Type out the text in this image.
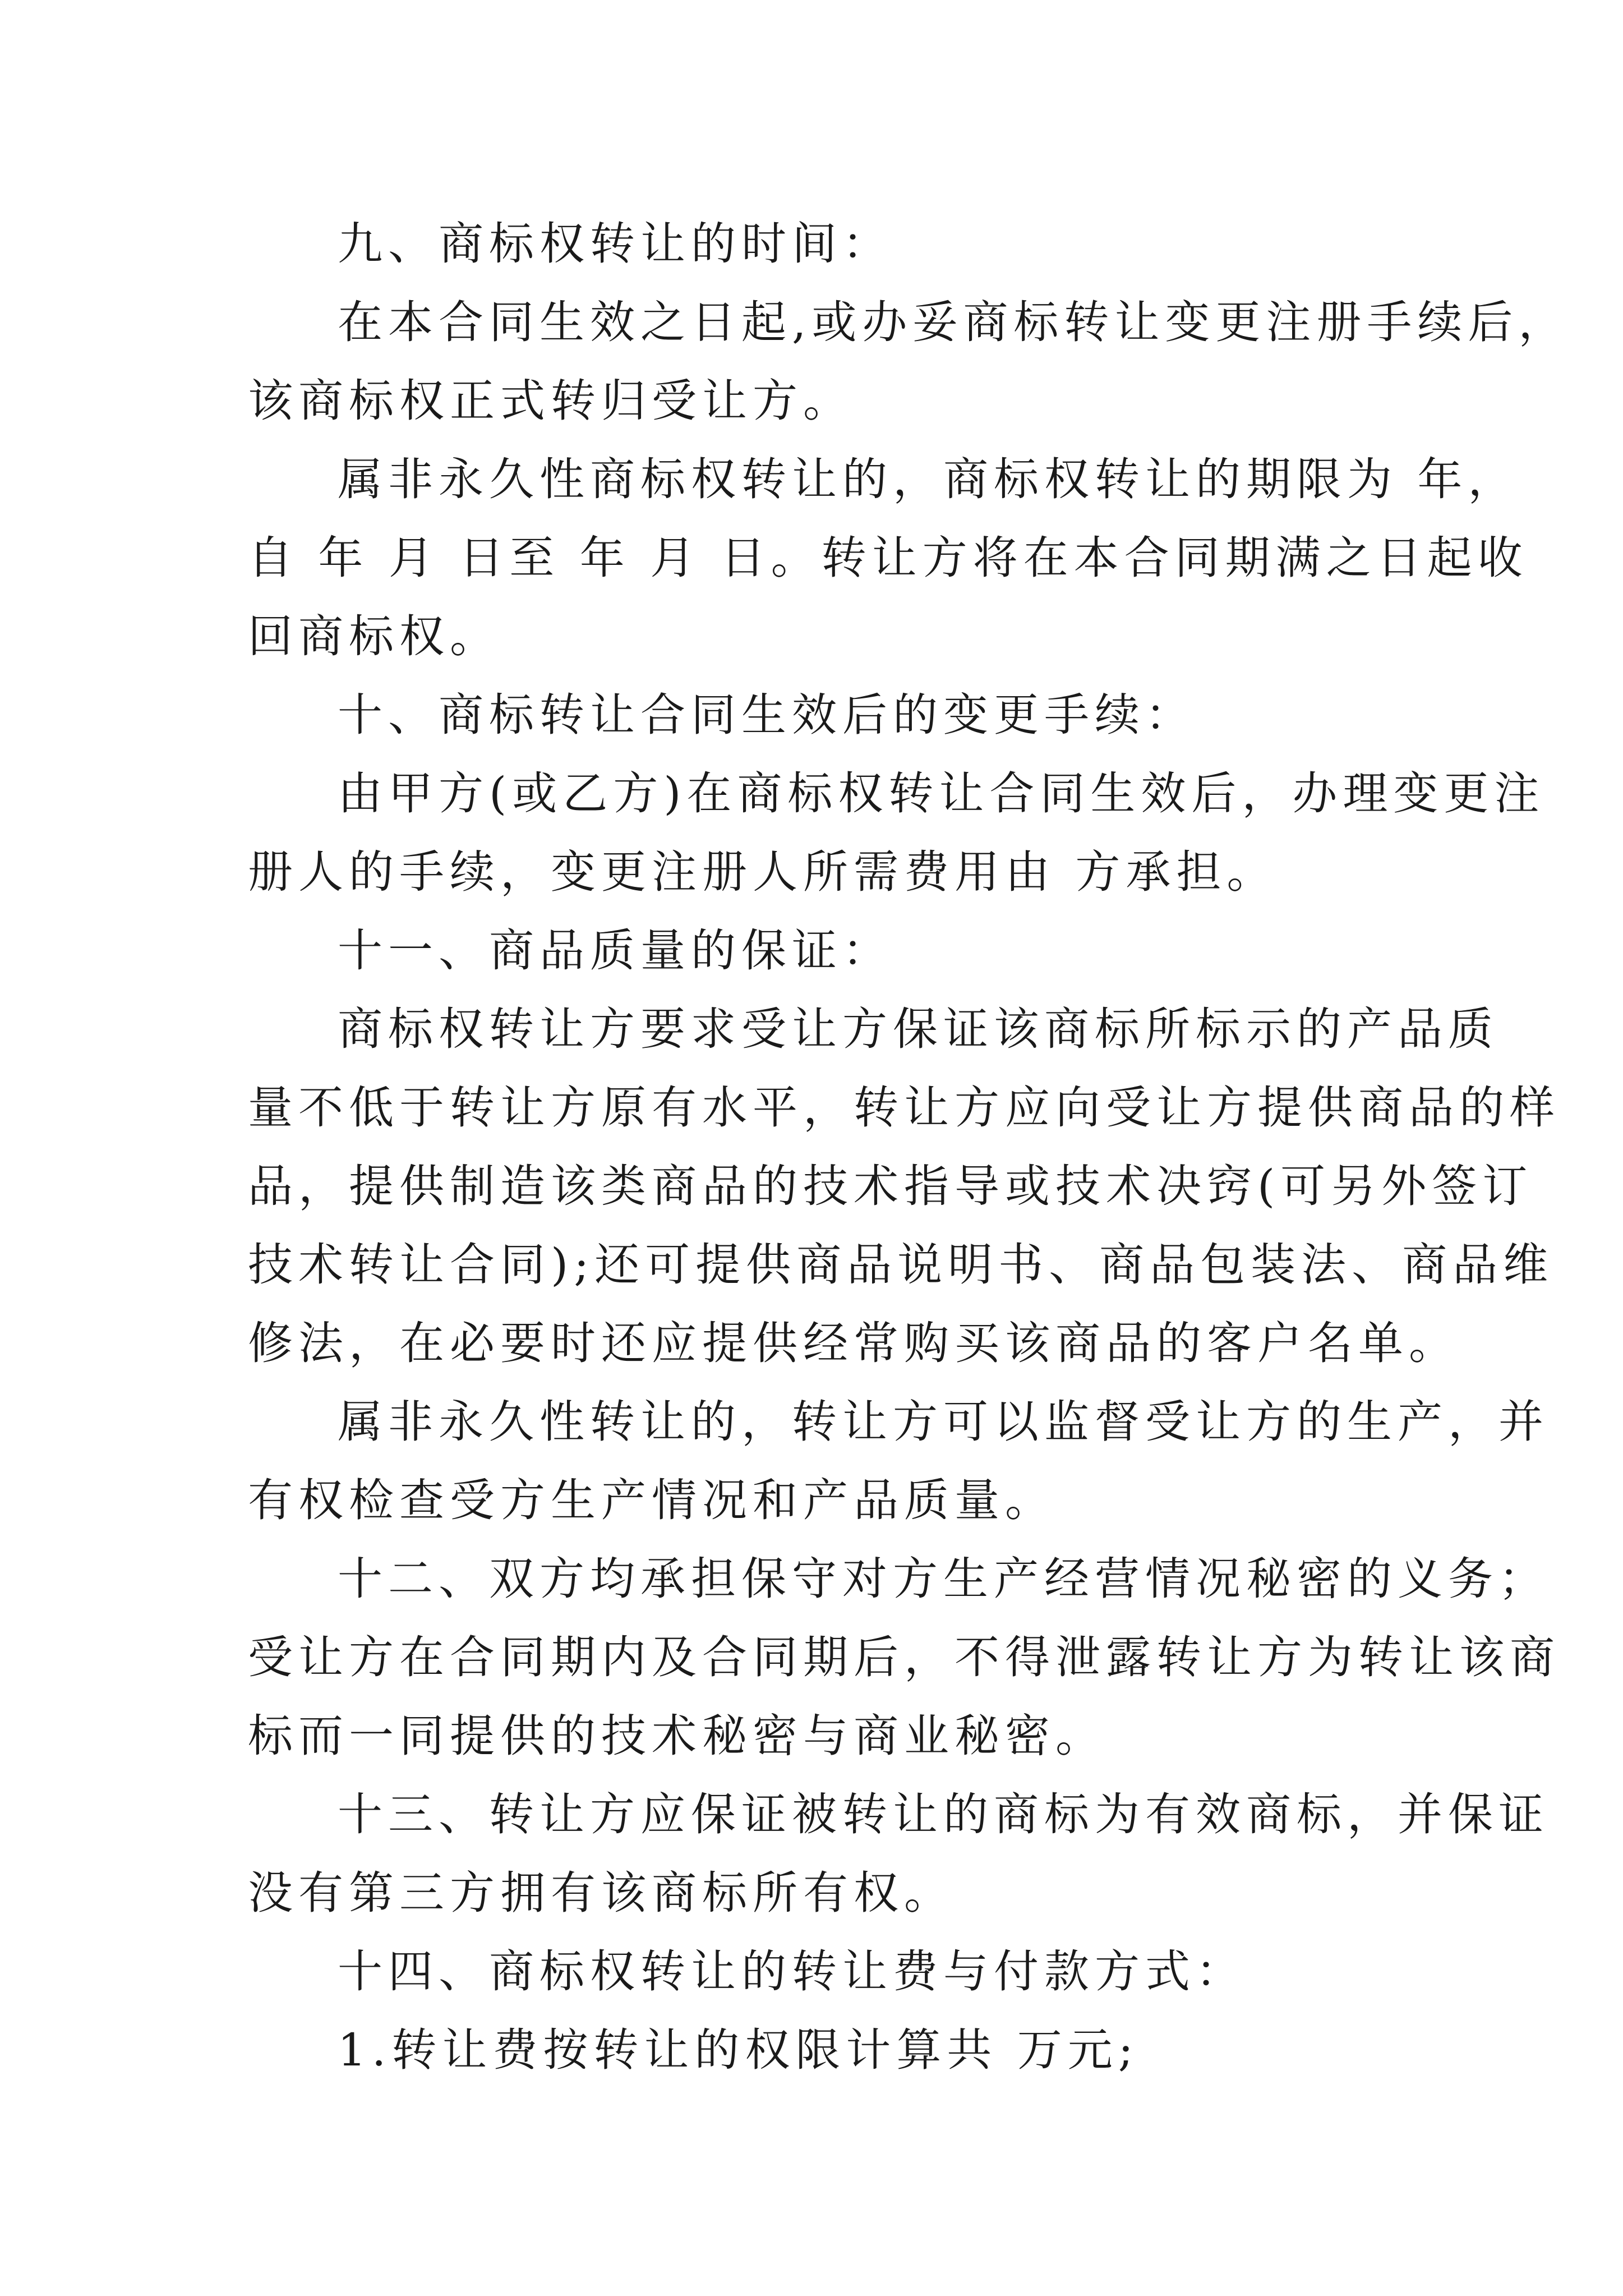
九、商标权转让的时间：

在本合同生效之日起,或办妥商标转让变更注册手续后，
该商标权正式转归受让方。

属非永久性商标权转让的，商标权转让的期限为 年，
自 年 月 日至 年 月 日。转让方将在本合同期满之日起收
回商标权。

十、商标转让合同生效后的变更手续：

由甲方(或乙方)在商标权转让合同生效后，办理变更注
册人的手续，变更注册人所需费用由 方承担。

十一、商品质量的保证：

商标权转让方要求受让方保证该商标所标示的产品质
量不低于转让方原有水平，转让方应向受让方提供商品的样
品，提供制造该类商品的技术指导或技术决窍(可另外签订
技术转让合同);还可提供商品说明书、商品包装法、商品维
修法，在必要时还应提供经常购买该商品的客户名单。

属非永久性转让的，转让方可以监督受让方的生产，并
有权检查受方生产情况和产品质量。

十二、双方均承担保守对方生产经营情况秘密的义务；
受让方在合同期内及合同期后，不得泄露转让方为转让该商
标而一同提供的技术秘密与商业秘密。

十三、转让方应保证被转让的商标为有效商标，并保证
没有第三方拥有该商标所有权。

十四、商标权转让的转让费与付款方式：

1.转让费按转让的权限计算共 万元;
